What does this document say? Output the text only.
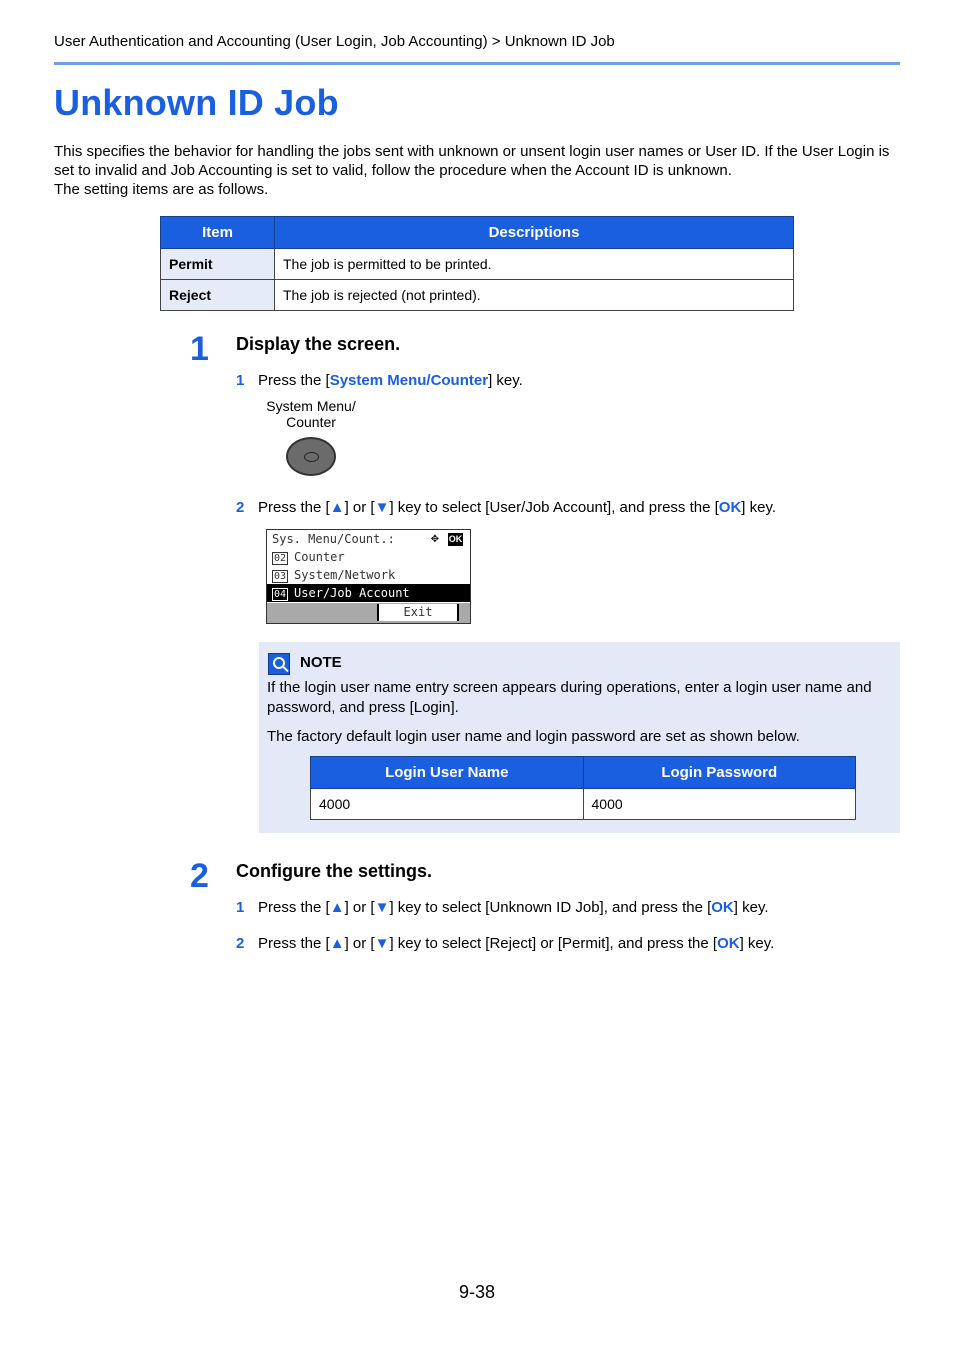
User Authentication and Accounting (User Login, Job Accounting) > Unknown ID Job
Unknown ID Job

This specifies the behavior for handling the jobs sent with unknown or unsent login user names or User ID. If the User Login is set to invalid and Job Accounting is set to valid, follow the procedure when the Account ID is unknown.

The setting items are as follows.

Item	Descriptions
Permit	The job is permitted to be printed.
Reject	The job is rejected (not printed).
1 Display the screen.
1 Press the [System Menu/Counter] key.
System Menu/
Counter
2 Press the [▲] or [▼] key to select [User/Job Account], and press the [OK] key.
Sys. Menu/Count.:	✥ OK
02 Counter
03 System/Network
04 User/Job Account
Exit
NOTE
If the login user name entry screen appears during operations, enter a login user name and password, and press [Login].
The factory default login user name and login password are set as shown below.
Login User Name	Login Password
4000	4000
2 Configure the settings.
1 Press the [▲] or [▼] key to select [Unknown ID Job], and press the [OK] key.
2 Press the [▲] or [▼] key to select [Reject] or [Permit], and press the [OK] key.
9-38
